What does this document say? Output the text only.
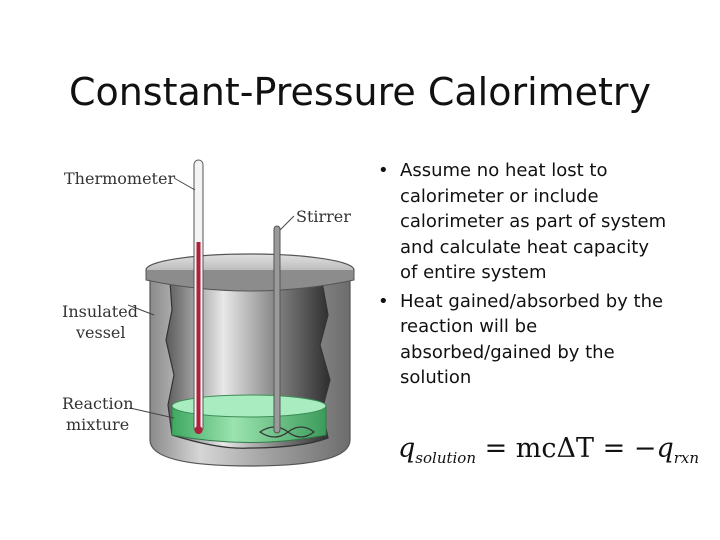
Constant-Pressure Calorimetry
Thermometer
Stirrer
Insulated
vessel
Reaction
mixture
• Assume no heat lost to calorimeter or include calorimeter as part of system and calculate heat capacity of entire system
• Heat gained/absorbed by the reaction will be absorbed/gained by the solution
$q_{solution} = mc\Delta T = -q_{rxn}$
